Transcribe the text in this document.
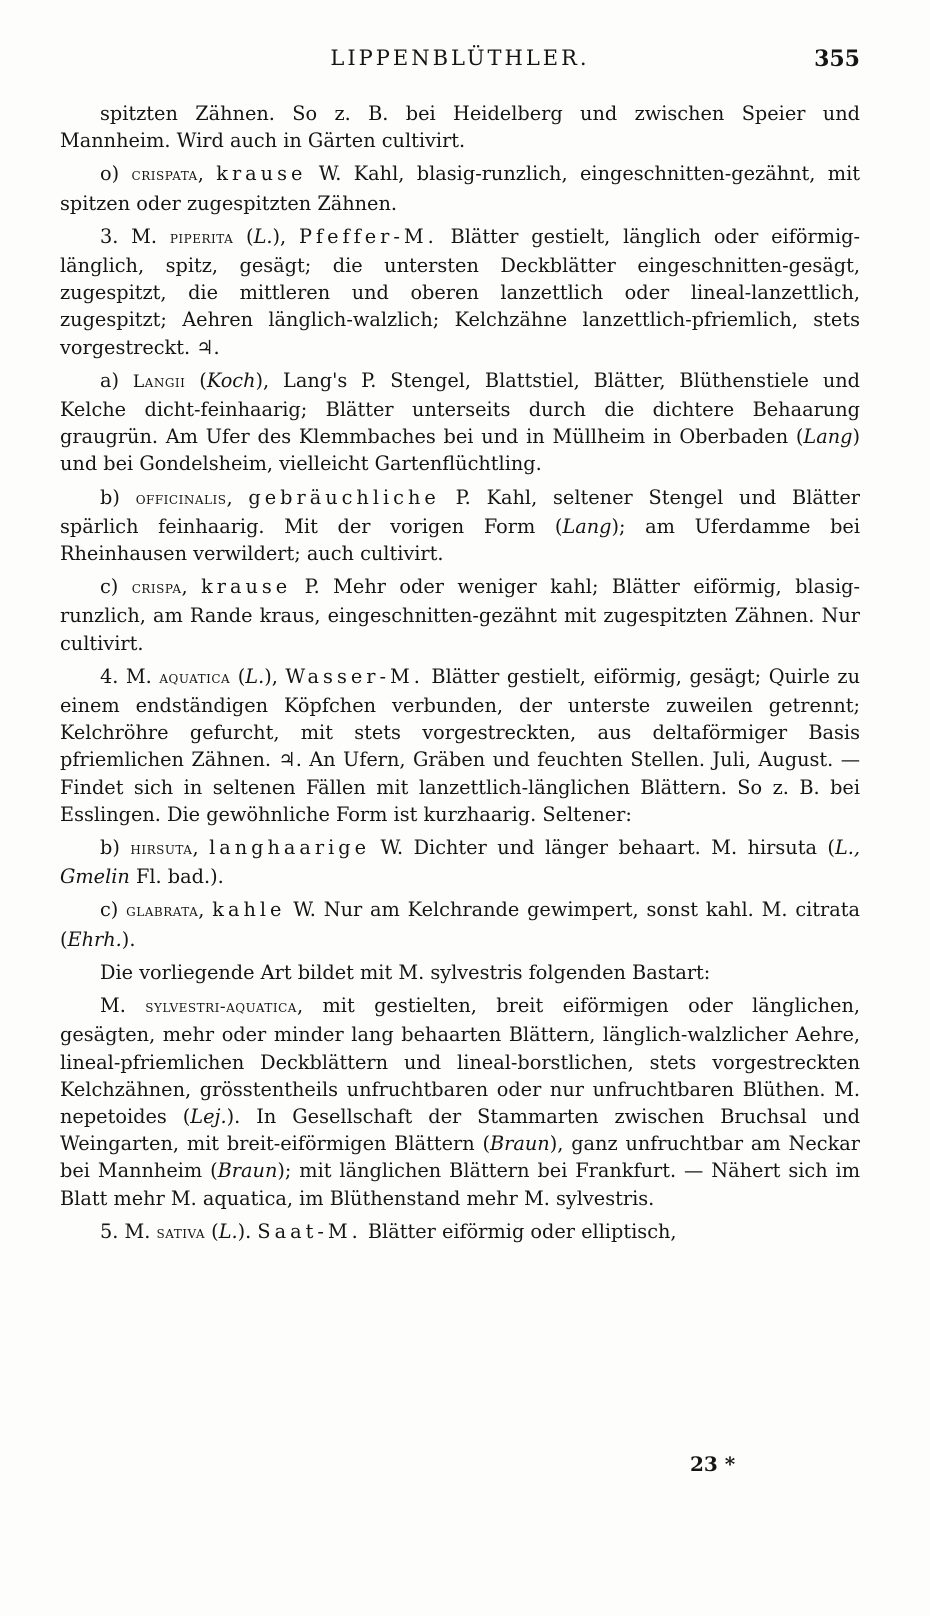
LIPPENBLÜTHLER.	355

spitzten Zähnen. So z. B. bei Heidelberg und zwischen Speier und Mannheim. Wird auch in Gärten cultivirt.

o) crispata, krause W. Kahl, blasig-runzlich, eingeschnitten-gezähnt, mit spitzen oder zugespitzten Zähnen.

3. M. piperita (L.), Pfeffer-M. Blätter gestielt, länglich oder eiförmig-länglich, spitz, gesägt; die untersten Deckblätter eingeschnitten-gesägt, zugespitzt, die mittleren und oberen lanzettlich oder lineal-lanzettlich, zugespitzt; Aehren länglich-walzlich; Kelchzähne lanzettlich-pfriemlich, stets vorgestreckt. ♃.

a) Langii (Koch), Lang's P. Stengel, Blattstiel, Blätter, Blüthenstiele und Kelche dicht-feinhaarig; Blätter unterseits durch die dichtere Behaarung graugrün. Am Ufer des Klemmbaches bei und in Müllheim in Oberbaden (Lang) und bei Gondelsheim, vielleicht Gartenflüchtling.

b) officinalis, gebräuchliche P. Kahl, seltener Stengel und Blätter spärlich feinhaarig. Mit der vorigen Form (Lang); am Uferdamme bei Rheinhausen verwildert; auch cultivirt.

c) crispa, krause P. Mehr oder weniger kahl; Blätter eiförmig, blasig-runzlich, am Rande kraus, eingeschnitten-gezähnt mit zugespitzten Zähnen. Nur cultivirt.

4. M. aquatica (L.), Wasser-M. Blätter gestielt, eiförmig, gesägt; Quirle zu einem endständigen Köpfchen verbunden, der unterste zuweilen getrennt; Kelchröhre gefurcht, mit stets vorgestreckten, aus deltaförmiger Basis pfriemlichen Zähnen. ♃. An Ufern, Gräben und feuchten Stellen. Juli, August. — Findet sich in seltenen Fällen mit lanzettlich-länglichen Blättern. So z. B. bei Esslingen. Die gewöhnliche Form ist kurzhaarig. Seltener:

b) hirsuta, langhaarige W. Dichter und länger behaart. M. hirsuta (L., Gmelin Fl. bad.).

c) glabrata, kahle W. Nur am Kelchrande gewimpert, sonst kahl. M. citrata (Ehrh.).

Die vorliegende Art bildet mit M. sylvestris folgenden Bastart:

M. sylvestri-aquatica, mit gestielten, breit eiförmigen oder länglichen, gesägten, mehr oder minder lang behaarten Blättern, länglich-walzlicher Aehre, lineal-pfriemlichen Deckblättern und lineal-borstlichen, stets vorgestreckten Kelchzähnen, grösstentheils unfruchtbaren oder nur unfruchtbaren Blüthen. M. nepetoides (Lej.). In Gesellschaft der Stammarten zwischen Bruchsal und Weingarten, mit breit-eiförmigen Blättern (Braun), ganz unfruchtbar am Neckar bei Mannheim (Braun); mit länglichen Blättern bei Frankfurt. — Nähert sich im Blatt mehr M. aquatica, im Blüthenstand mehr M. sylvestris.

5. M. sativa (L.). Saat-M. Blätter eiförmig oder elliptisch,

23 *
